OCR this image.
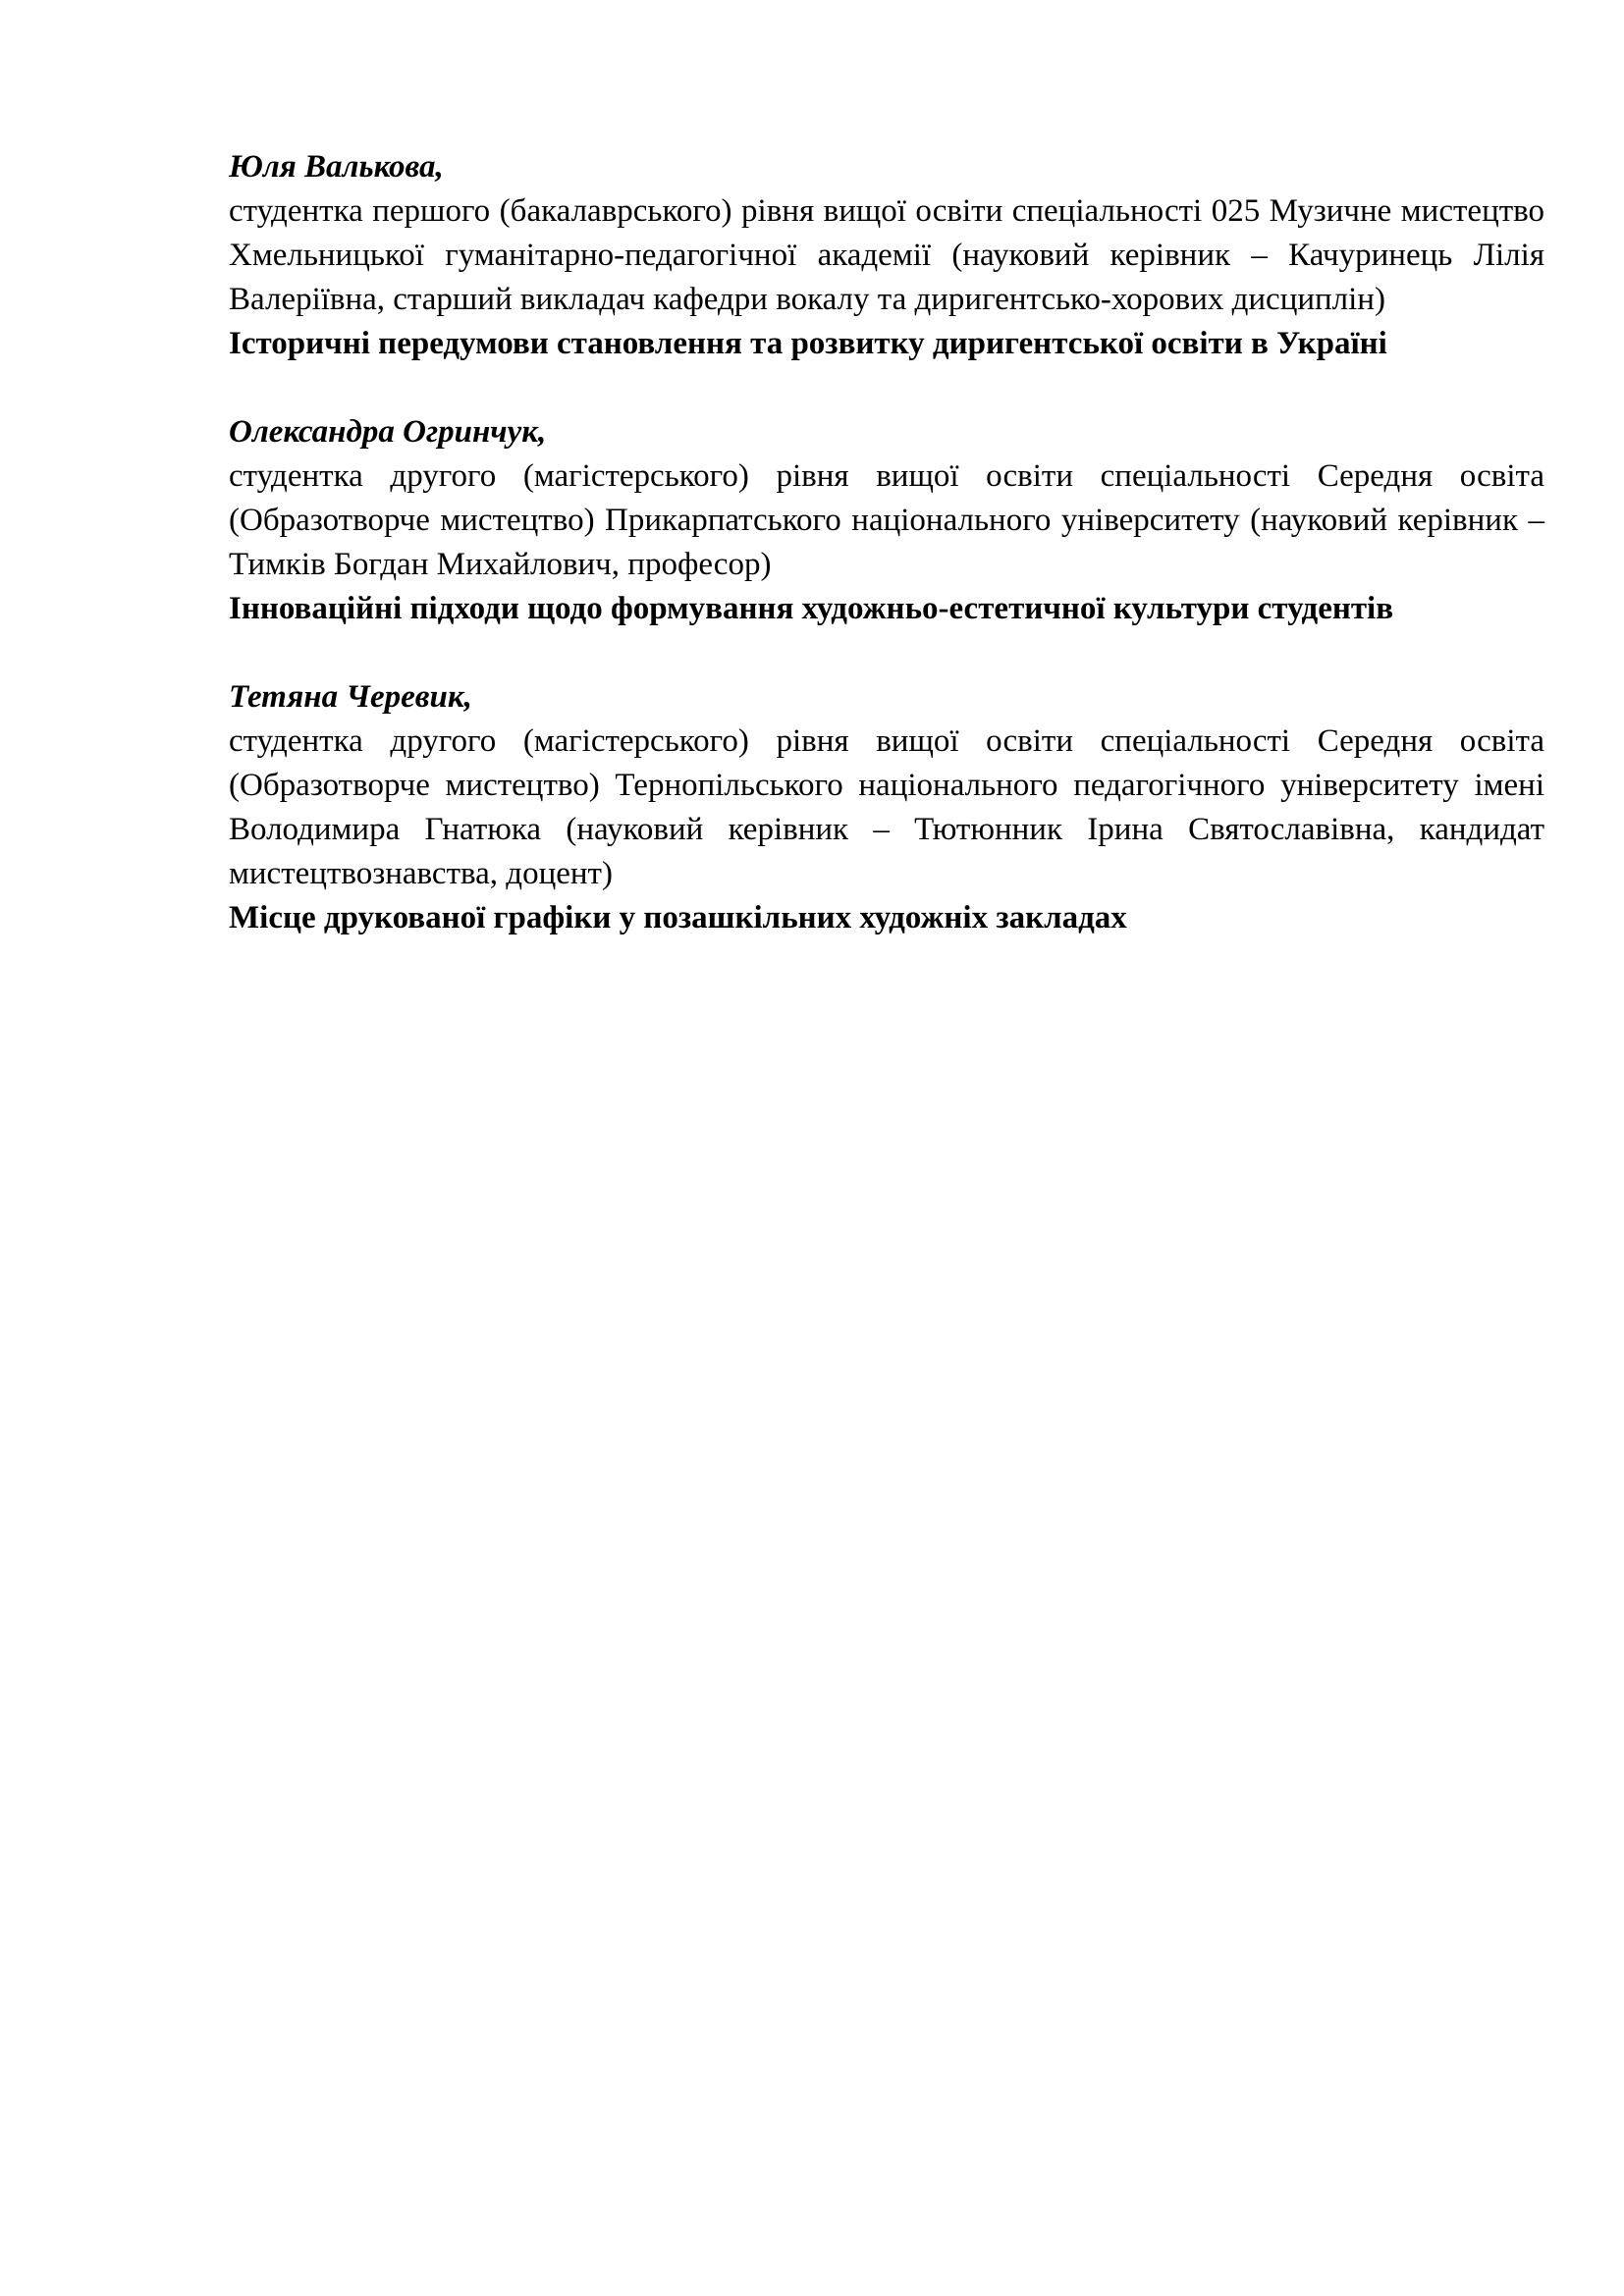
Юля Валькова,

студентка першого (бакалаврського) рівня вищої освіти спеціальності 025 Музичне мистецтво Хмельницької гуманітарно-педагогічної академії (науковий керівник – Качуринець Лілія Валеріївна, старший викладач кафедри вокалу та диригентсько-хорових дисциплін)

Історичні передумови становлення та розвитку диригентської освіти в Україні

Олександра Огринчук,

студентка другого (магістерського) рівня вищої освіти спеціальності Середня освіта (Образотворче мистецтво) Прикарпатського національного університету (науковий керівник – Тимків Богдан Михайлович, професор)

Інноваційні підходи щодо формування художньо-естетичної культури студентів

Тетяна Черевик,

студентка другого (магістерського) рівня вищої освіти спеціальності Середня освіта (Образотворче мистецтво) Тернопільського національного педагогічного університету імені Володимира Гнатюка (науковий керівник – Тютюнник Ірина Святославівна, кандидат мистецтвознавства, доцент)

Місце друкованої графіки у позашкільних художніх закладах
